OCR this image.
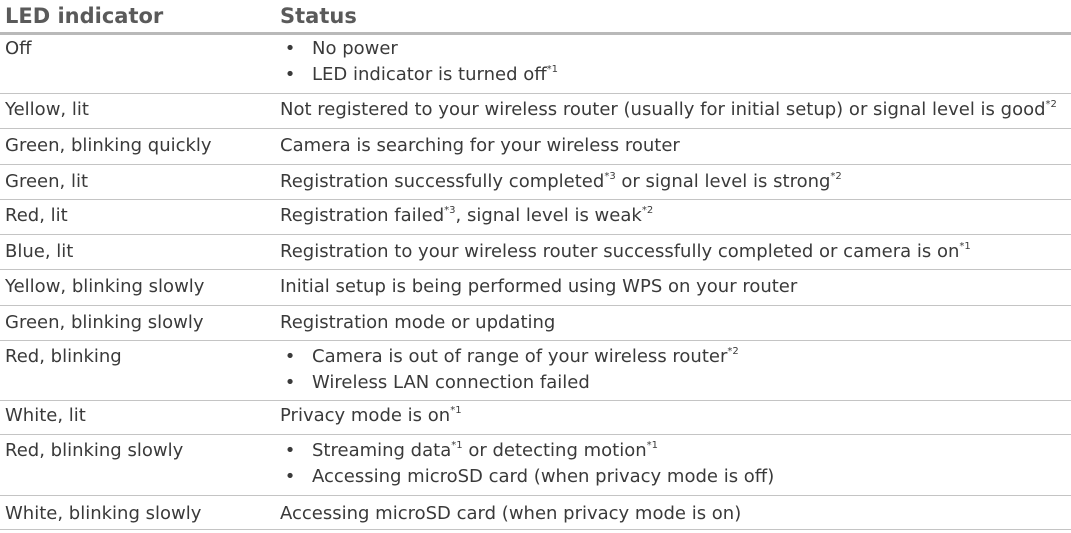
LED indicator	Status
Off	• No power
• LED indicator is turned off$^{*1}$
Yellow, lit	Not registered to your wireless router (usually for initial setup) or signal level is good$^{*2}$
Green, blinking quickly	Camera is searching for your wireless router
Green, lit	Registration successfully completed$^{*3}$ or signal level is strong$^{*2}$
Red, lit	Registration failed$^{*3}$, signal level is weak$^{*2}$
Blue, lit	Registration to your wireless router successfully completed or camera is $on^{*1}$
Yellow, blinking slowly	Initial setup is being performed using WPS on your router
Green, blinking slowly	Registration mode or updating
Red, blinking	• Camera is out of range of your wireless router$^{*2}$
• Wireless LAN connection failed
White, lit	Privacy mode is $on^{*1}$
Red, blinking slowly	• Streaming data$^{*1}$ or detecting motion$^{*1}$
• Accessing microSD card (when privacy mode is off)
White, blinking slowly	Accessing microSD card (when privacy mode is on)
